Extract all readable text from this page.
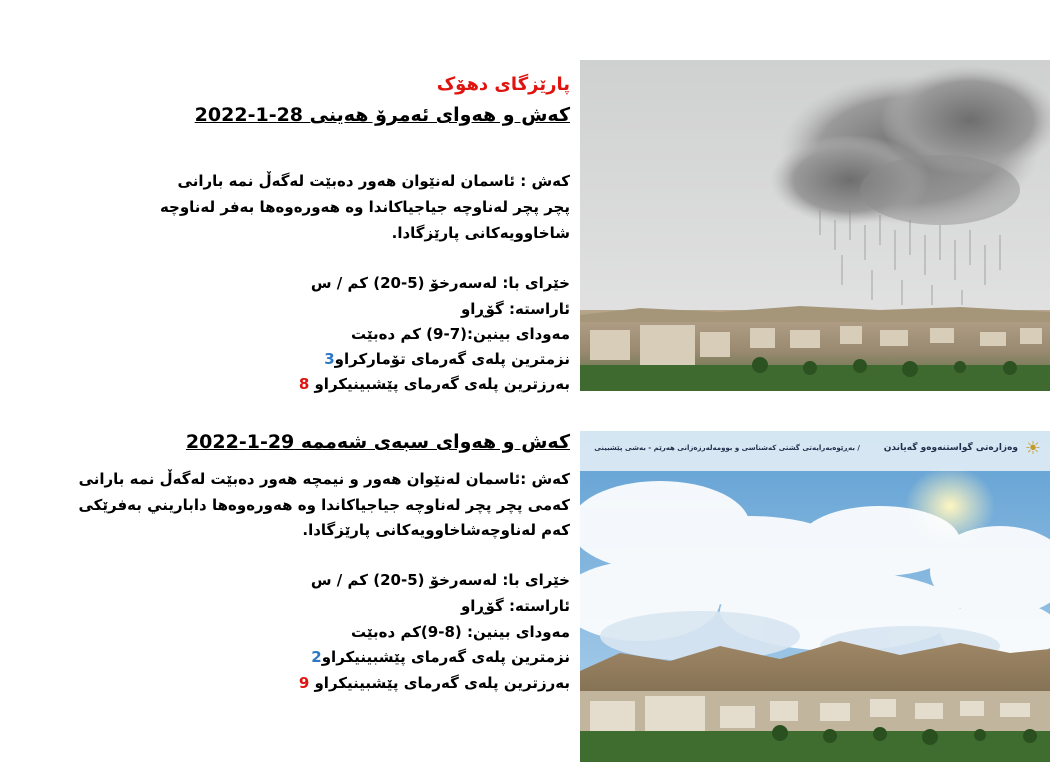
پارێزگای دهۆک
کەش و هەوای ئەمرۆ هەینی 28-1-2022
کەش : ئاسمان لەنێوان هەور دەبێت لەگەڵ نمە بارانی
پچر پچر لەناوچە جیاجیاکاندا وە هەورەوەها بەفر لەناوچە
شاخاوویەکانی پارێزگادا.
خێرای با: لەسەرخۆ (5-20) کم / س
ئاراستە: گۆڕاو
مەودای بینین:(7-9) کم دەبێت
نزمترین پلەی گەرمای تۆمارکراو3
بەرزترین پلەی گەرمای پێشبینیکراو 8
کەش و هەوای سبەی شەممە 29-1-2022
کەش :ئاسمان لەنێوان هەور و نیمچە هەور دەبێت لەگەڵ نمە بارانی
کەمی پچر پچر لەناوچە جیاجیاکاندا وە هەورەوەها داباریني بەفرێکی
کەم لەناوچەشاخاوویەکانی پارێزگادا.
خێرای با: لەسەرخۆ (5-20) کم / س
ئاراستە: گۆڕاو
مەودای بینین: (8-9)کم دەبێت
نزمترین پلەی گەرمای پێشبینیکراو2
بەرزترین پلەی گەرمای پێشبینیکراو 9
☀
وەزارەتی گواستنەوەو گەیاندن
/ بەڕێوەبەرایەتی گشتی کەشناسی و بوومەلەرزەزانی هەرێم - بەشی پێشبینی
